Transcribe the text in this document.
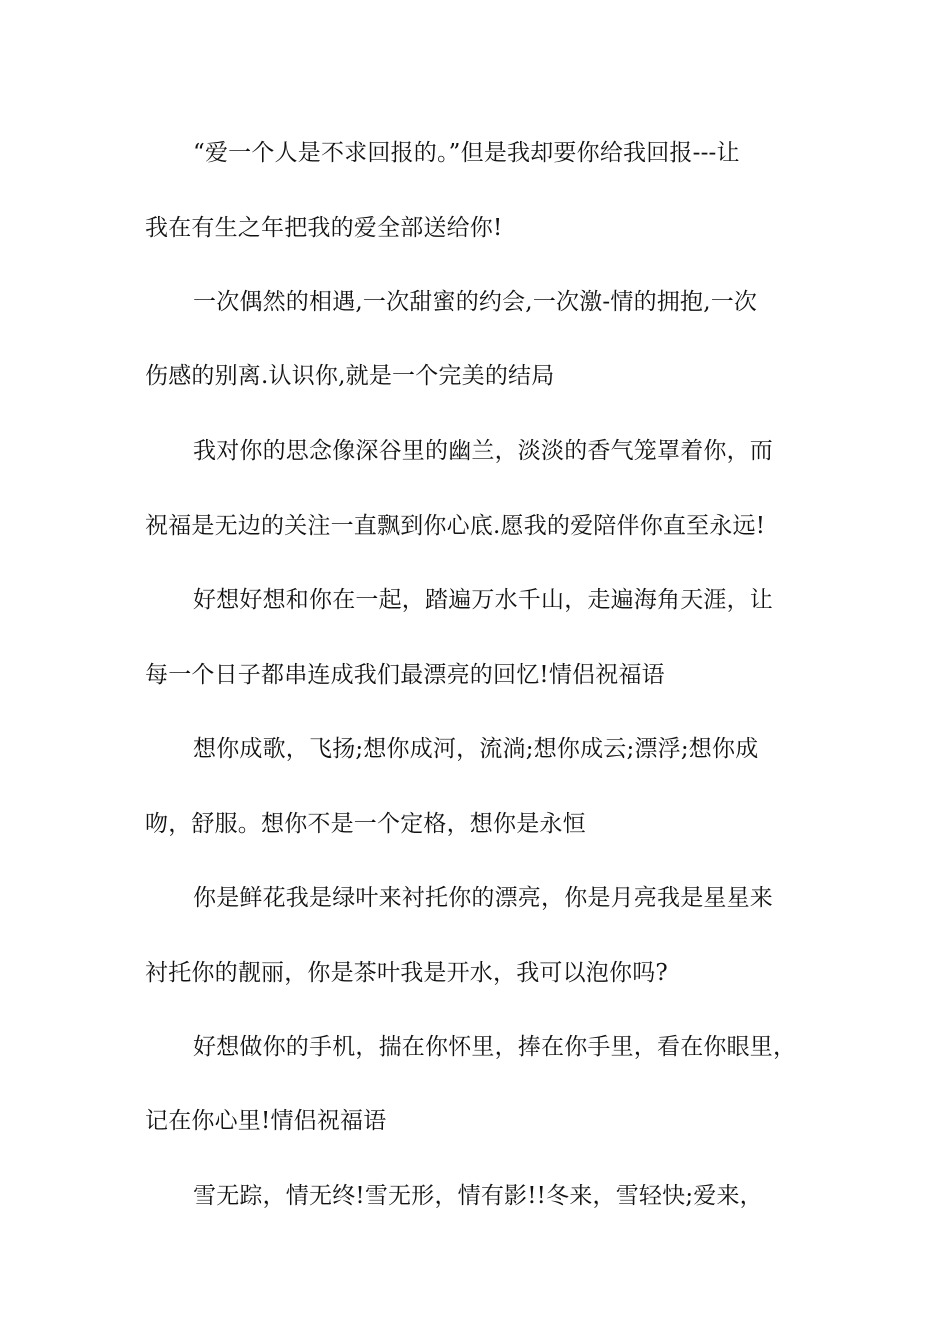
“爱一个人是不求回报的。”但是我却要你给我回报---让
我在有生之年把我的爱全部送给你!
一次偶然的相遇,一次甜蜜的约会,一次激-情的拥抱,一次
伤感的别离.认识你,就是一个完美的结局
我对你的思念像深谷里的幽兰，淡淡的香气笼罩着你，而
祝福是无边的关注一直飘到你心底.愿我的爱陪伴你直至永远!
好想好想和你在一起，踏遍万水千山，走遍海角天涯，让
每一个日子都串连成我们最漂亮的回忆!情侣祝福语
想你成歌，飞扬;想你成河，流淌;想你成云;漂浮;想你成
吻，舒服。想你不是一个定格，想你是永恒
你是鲜花我是绿叶来衬托你的漂亮，你是月亮我是星星来
衬托你的靓丽，你是茶叶我是开水，我可以泡你吗?
好想做你的手机，揣在你怀里，捧在你手里，看在你眼里，
记在你心里!情侣祝福语
雪无踪，情无终!雪无形，情有影!!冬来，雪轻快;爱来，
